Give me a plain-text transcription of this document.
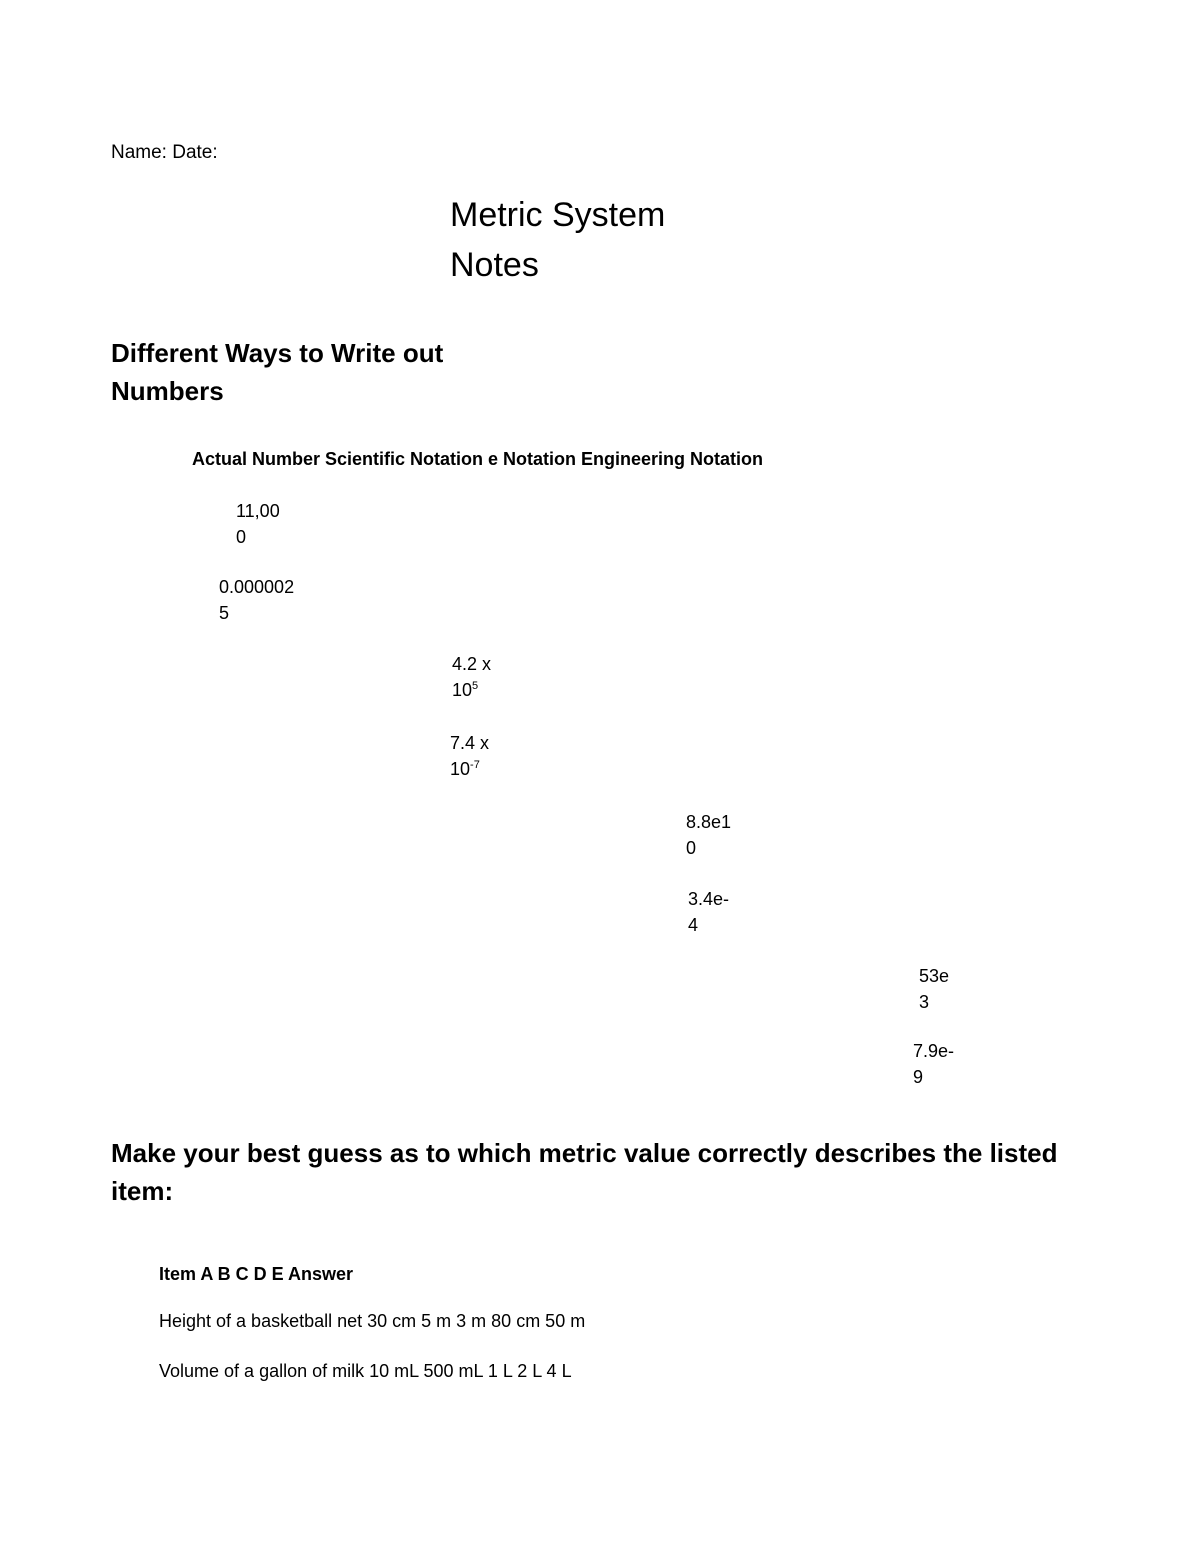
Name: Date:
Metric System
Notes
Different Ways to Write out
Numbers
Actual Number Scientific Notation e Notation Engineering Notation
11,00
0
0.000002
5
4.2 x
$10^5$
7.4 x
$10^{-7}$
8.8e1
0
3.4e-
4
53e
3
7.9e-
9
Make your best guess as to which metric value correctly describes the listed item:
Item A B C D E Answer
Height of a basketball net 30 cm 5 m 3 m 80 cm 50 m
Volume of a gallon of milk 10 mL 500 mL 1 L 2 L 4 L
